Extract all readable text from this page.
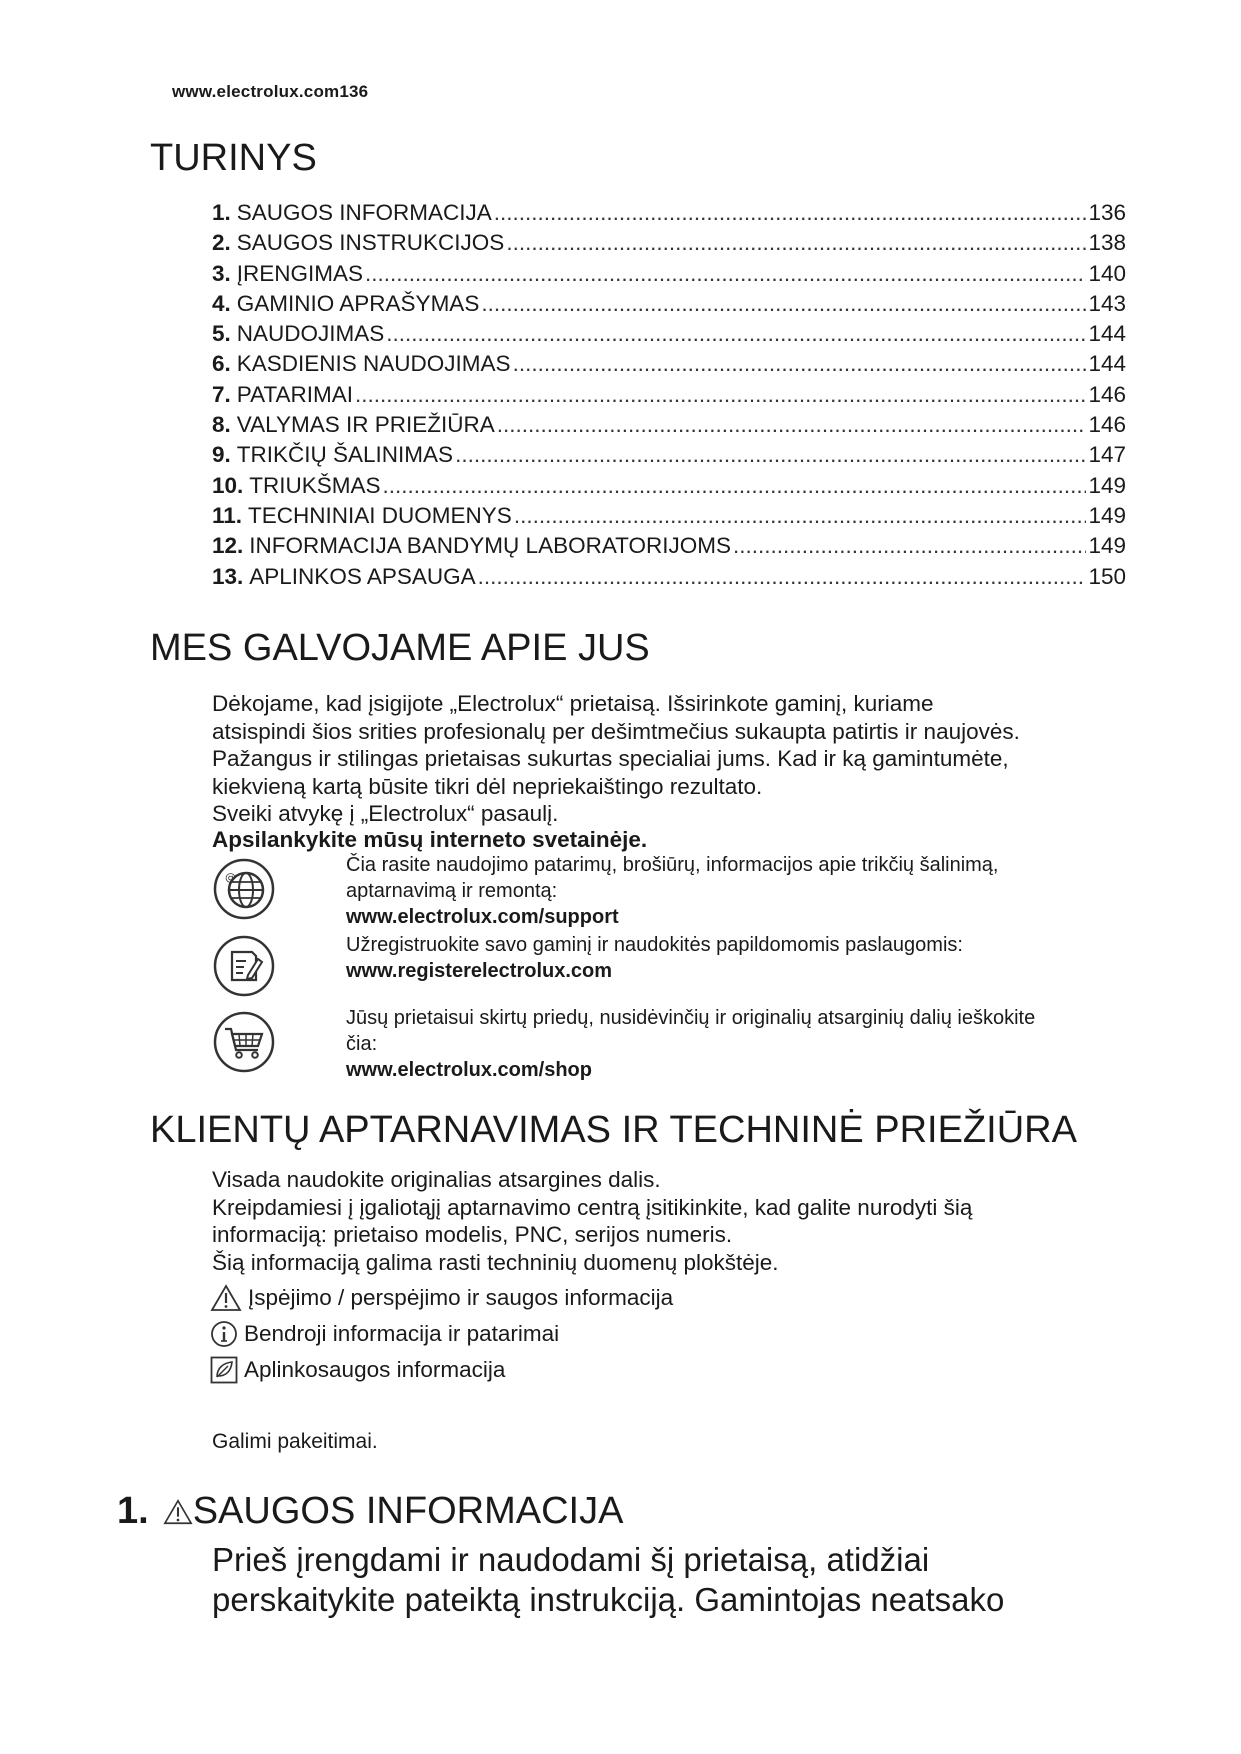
www.electrolux.com136
TURINYS
1. SAUGOS INFORMACIJA .....	136
2. SAUGOS INSTRUKCIJOS .....	138
3. ĮRENGIMAS .....	140
4. GAMINIO APRAŠYMAS .....	143
5. NAUDOJIMAS .....	144
6. KASDIENIS NAUDOJIMAS .....	144
7. PATARIMAI .....	146
8. VALYMAS IR PRIEŽIŪRA .....	146
9. TRIKČIŲ ŠALINIMAS .....	147
10. TRIUKŠMAS .....	149
11. TECHNINIAI DUOMENYS .....	149
12. INFORMACIJA BANDYMŲ LABORATORIJOMS .....	149
13. APLINKOS APSAUGA .....	150
MES GALVOJAME APIE JUS
Dėkojame, kad įsigijote „Electrolux“ prietaisą. Išsirinkote gaminį, kuriame
atsispindi šios srities profesionalų per dešimtmečius sukaupta patirtis ir naujovės.
Pažangus ir stilingas prietaisas sukurtas specialiai jums. Kad ir ką gamintumėte,
kiekvieną kartą būsite tikri dėl nepriekaištingo rezultato.
Sveiki atvykę į „Electrolux“ pasaulį.
Apsilankykite mūsų interneto svetainėje.
@
Čia rasite naudojimo patarimų, brošiūrų, informacijos apie trikčių šalinimą,
aptarnavimą ir remontą:
www.electrolux.com/support
Užregistruokite savo gaminį ir naudokitės papildomomis paslaugomis:
www.registerelectrolux.com
Jūsų prietaisui skirtų priedų, nusidėvinčių ir originalių atsarginių dalių ieškokite
čia:
www.electrolux.com/shop
KLIENTŲ APTARNAVIMAS IR TECHNINĖ PRIEŽIŪRA
Visada naudokite originalias atsargines dalis.
Kreipdamiesi į įgaliotąjį aptarnavimo centrą įsitikinkite, kad galite nurodyti šią
informaciją: prietaiso modelis, PNC, serijos numeris.
Šią informaciją galima rasti techninių duomenų plokštėje.
Įspėjimo / perspėjimo ir saugos informacija
Bendroji informacija ir patarimai
Aplinkosaugos informacija
Galimi pakeitimai.
1. SAUGOS INFORMACIJA
Prieš įrengdami ir naudodami šį prietaisą, atidžiai
perskaitykite pateiktą instrukciją. Gamintojas neatsako
